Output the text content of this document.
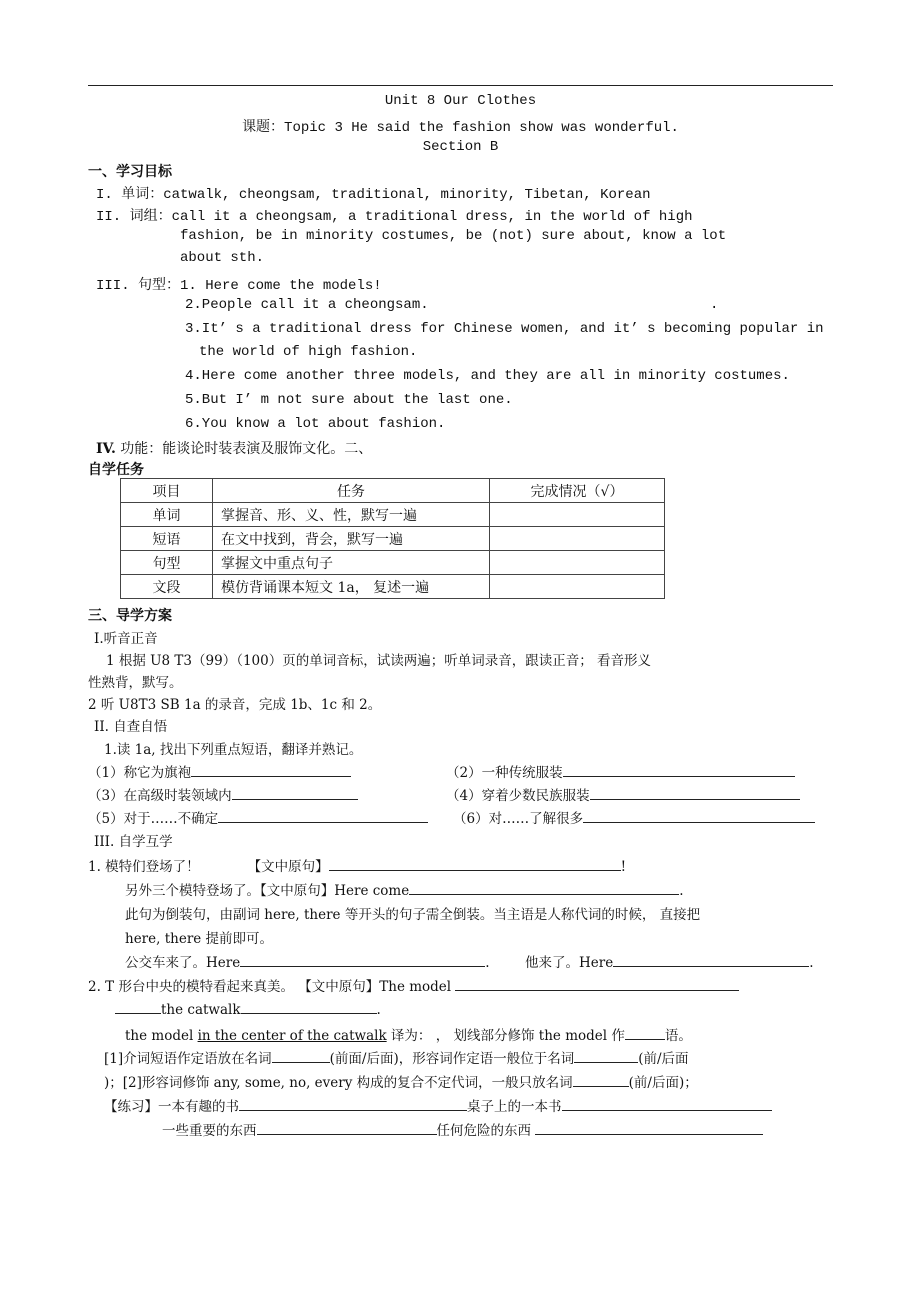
Unit 8 Our Clothes
课题：Topic 3 He said the fashion show was wonderful.
Section B
一、学习目标
I. 单词：catwalk, cheongsam, traditional, minority, Tibetan, Korean
II. 词组：call it a cheongsam, a traditional dress, in the world of high
fashion, be in minority costumes, be (not) sure about, know a lot
about sth.
III. 句型：1. Here come the models!
2.People call it a cheongsam.	.
3.It’ s a traditional dress for Chinese women, and it’ s becoming popular in
the world of high fashion.
4.Here come another three models, and they are all in minority costumes.
5.But I’ m not sure about the last one.
6.You know a lot about fashion.
IV. 功能：能谈论时装表演及服饰文化。二、
自学任务
项目	任务	完成情况（√）
单词	掌握音、形、义、性，默写一遍	
短语	在文中找到，背会，默写一遍	
句型	掌握文中重点句子	
文段	模仿背诵课本短文 1a， 复述一遍	
三、导学方案
I.听音正音
1 根据 U8 T3（99）（100）页的单词音标，试读两遍；听单词录音，跟读正音； 看音形义
性熟背，默写。
2 听 U8T3 SB 1a 的录音，完成 1b、1c 和 2。
II. 自查自悟
1.读 1a, 找出下列重点短语，翻译并熟记。
（1）称它为旗袍	（2）一种传统服装
（3）在高级时装领域内	（4）穿着少数民族服装
（5）对于……不确定	（6）对……了解很多
III. 自学互学
1. 模特们登场了！	【文中原句】	!
另外三个模特登场了。【文中原句】Here come	.
此句为倒装句，由副词 here, there 等开头的句子需全倒装。当主语是人称代词的时候， 直接把
here, there 提前即可。
公交车来了。Here	.	他来了。Here	.
2. T 形台中央的模特看起来真美。 【文中原句】The model
the catwalk	.
the model in the center of the catwalk 译为： ， 划线部分修饰 the model 作	语。
[1]介词短语作定语放在名词	(前面/后面)，形容词作定语一般位于名词	(前/后面
)；[2]形容词修饰 any, some, no, every 构成的复合不定代词，一般只放名词	(前/后面)；
【练习】一本有趣的书	桌子上的一本书
一些重要的东西	任何危险的东西
